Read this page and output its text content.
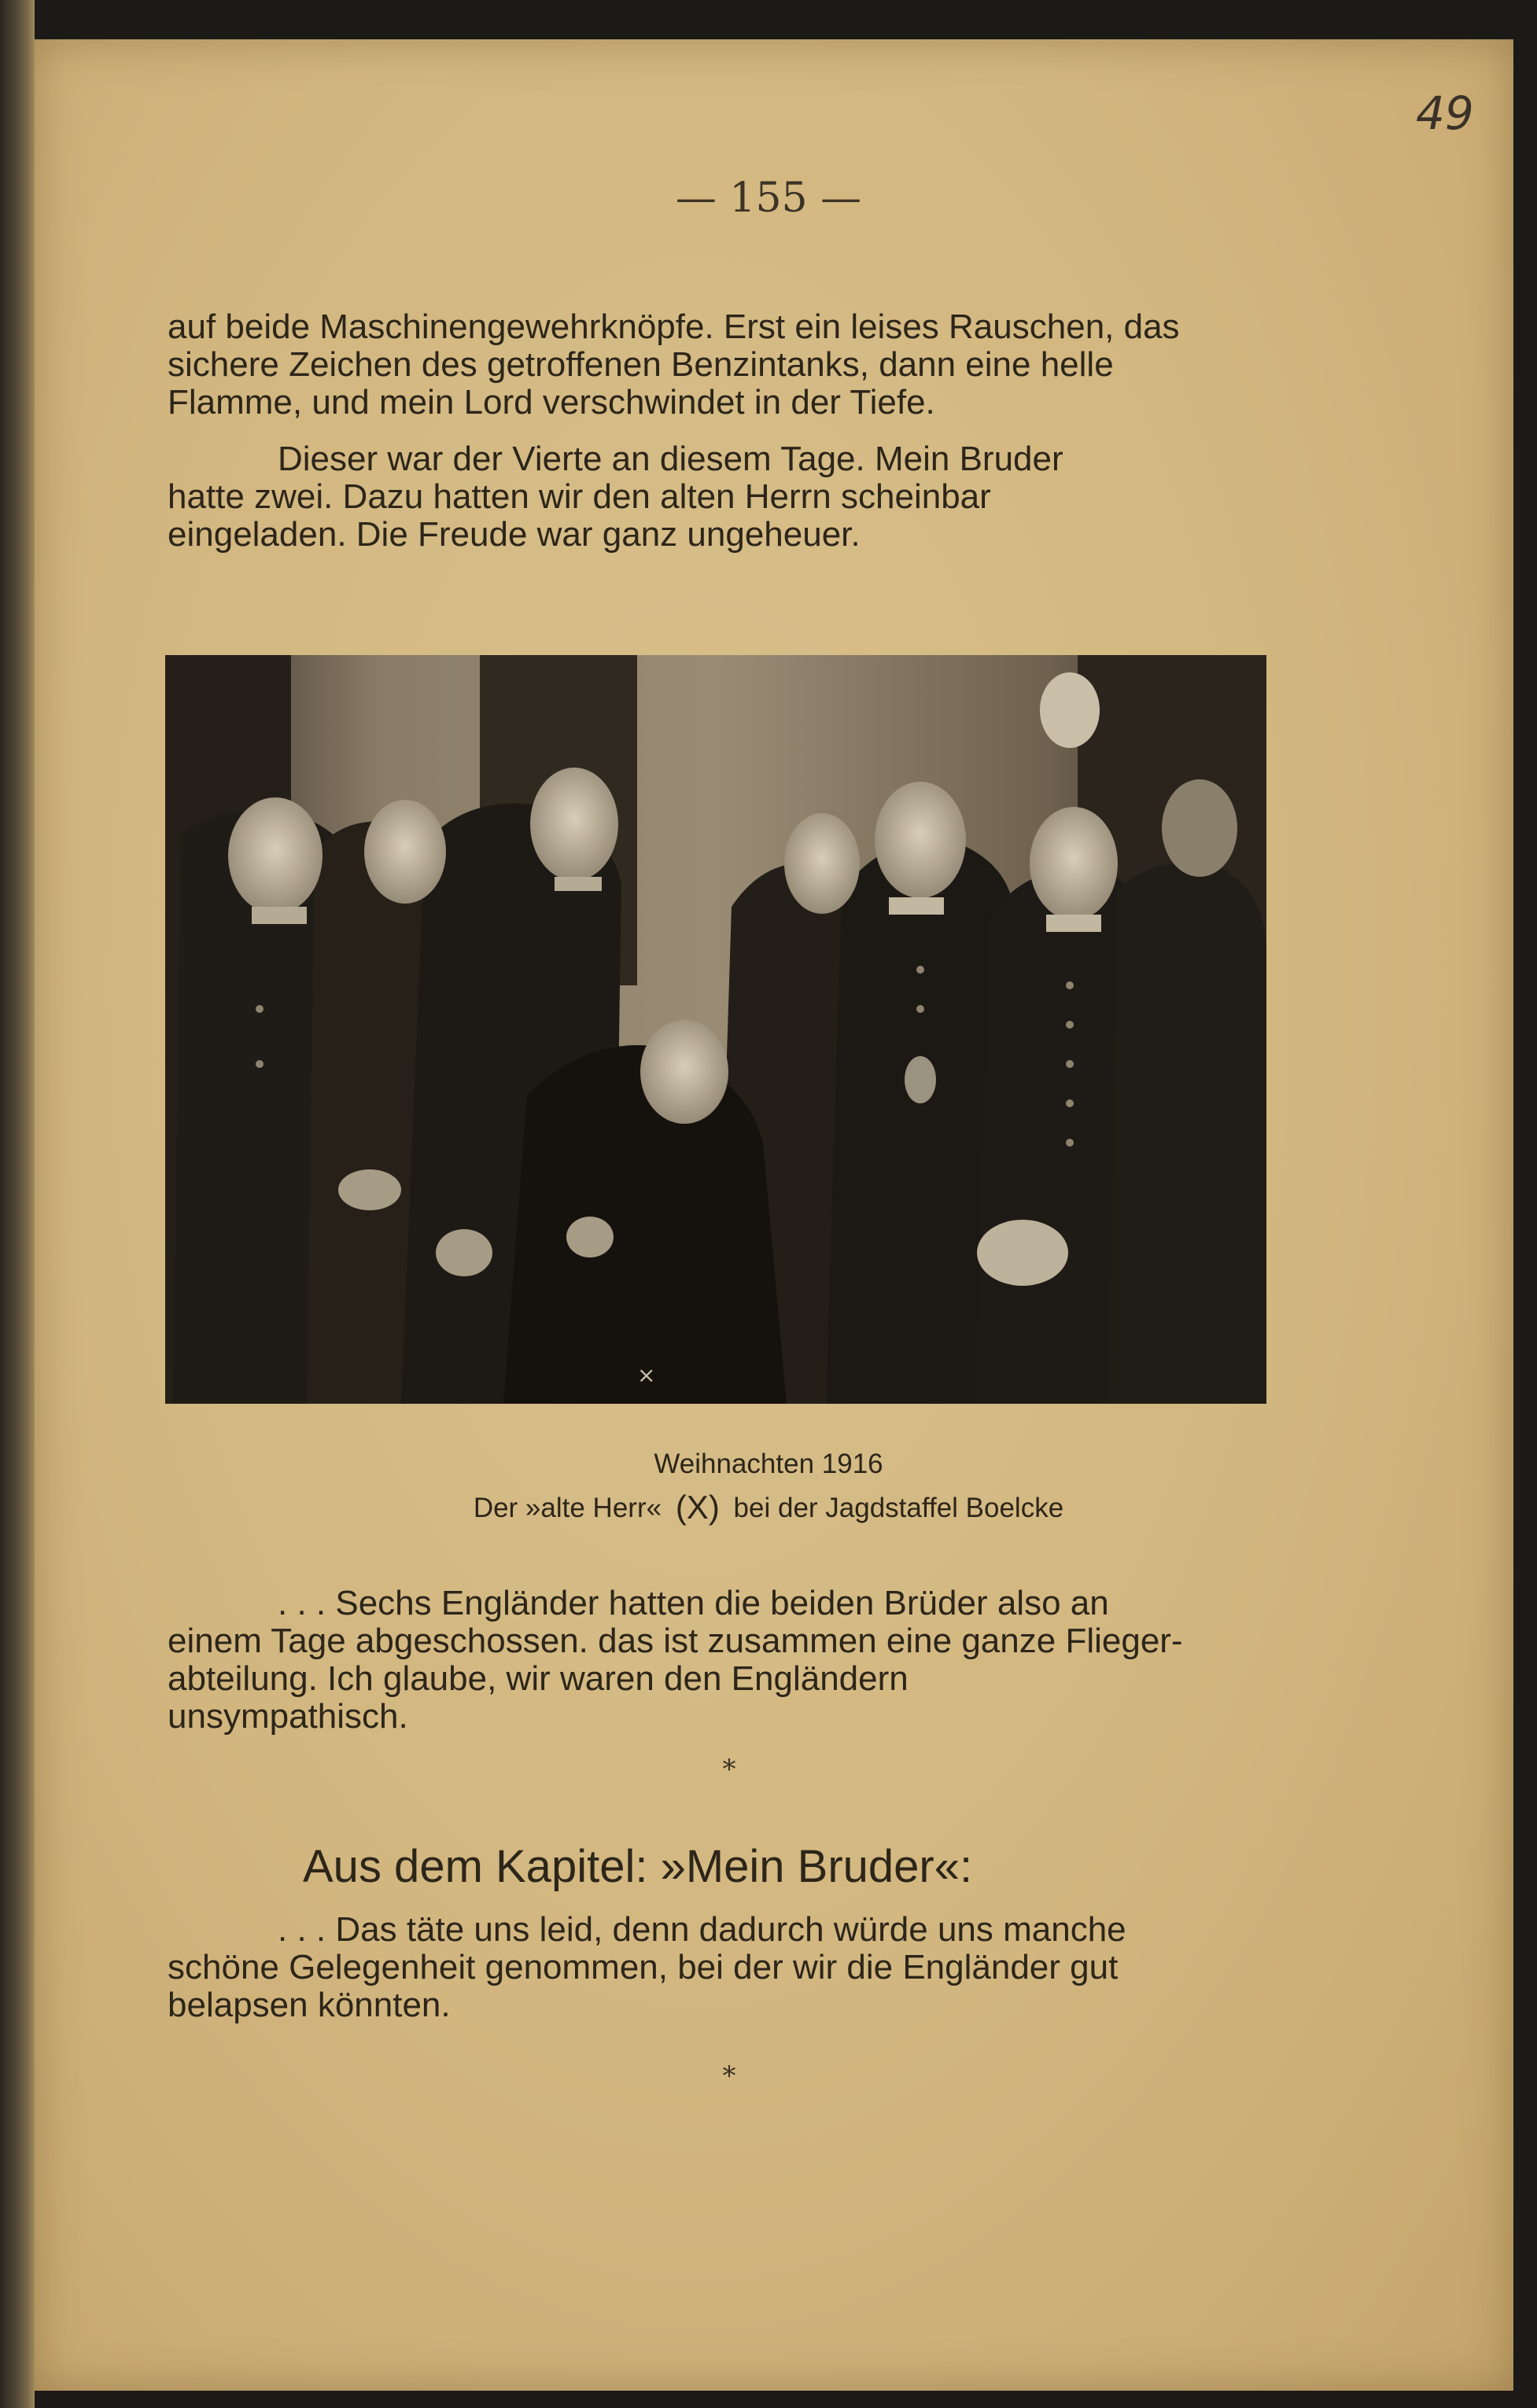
49
— 155 —

auf beide Maschinengewehrknöpfe. Erst ein leises Rauschen, das
sichere Zeichen des getroffenen Benzintanks, dann eine helle
Flamme, und mein Lord verschwindet in der Tiefe.

Dieser war der Vierte an diesem Tage. Mein Bruder
hatte zwei. Dazu hatten wir den alten Herrn scheinbar
eingeladen. Die Freude war ganz ungeheuer.

×
Weihnachten 1916
Der »alte Herr« (X) bei der Jagdstaffel Boelcke

. . . Sechs Engländer hatten die beiden Brüder also an
einem Tage abgeschossen. das ist zusammen eine ganze Flieger-
abteilung. Ich glaube, wir waren den Engländern
unsympathisch.

*
Aus dem Kapitel: »Mein Bruder«:

. . . Das täte uns leid, denn dadurch würde uns manche
schöne Gelegenheit genommen, bei der wir die Engländer gut
belapsen könnten.

*
